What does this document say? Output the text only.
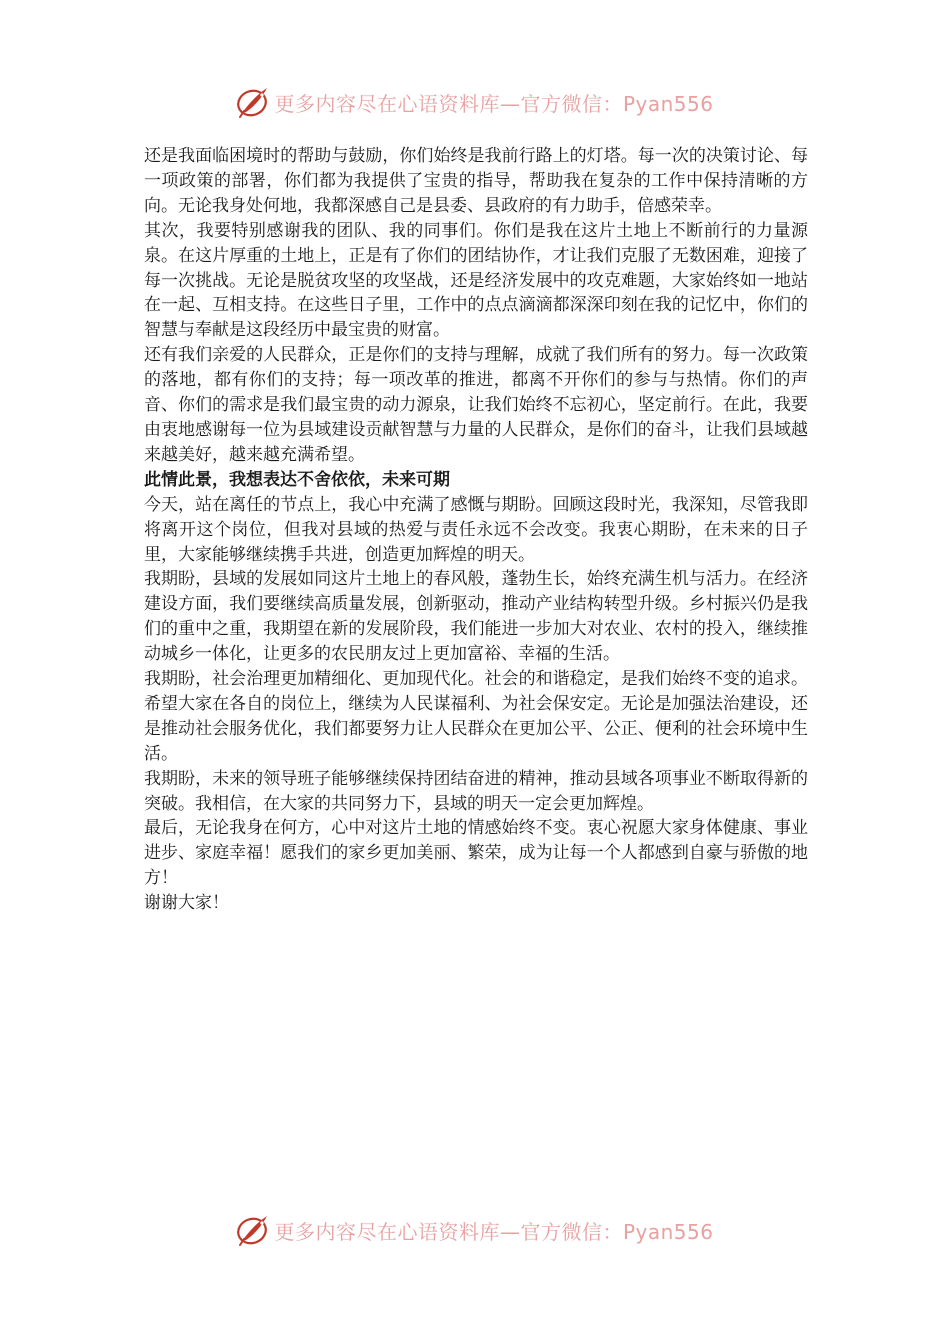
更多内容尽在心语资料库—官方微信：Pyan556

还是我面临困境时的帮助与鼓励，你们始终是我前行路上的灯塔。每一次的决策讨论、每一项政策的部署，你们都为我提供了宝贵的指导，帮助我在复杂的工作中保持清晰的方向。无论我身处何地，我都深感自己是县委、县政府的有力助手，倍感荣幸。

其次，我要特别感谢我的团队、我的同事们。你们是我在这片土地上不断前行的力量源泉。在这片厚重的土地上，正是有了你们的团结协作，才让我们克服了无数困难，迎接了每一次挑战。无论是脱贫攻坚的攻坚战，还是经济发展中的攻克难题，大家始终如一地站在一起、互相支持。在这些日子里，工作中的点点滴滴都深深印刻在我的记忆中，你们的智慧与奉献是这段经历中最宝贵的财富。

还有我们亲爱的人民群众，正是你们的支持与理解，成就了我们所有的努力。每一次政策的落地，都有你们的支持；每一项改革的推进，都离不开你们的参与与热情。你们的声音、你们的需求是我们最宝贵的动力源泉，让我们始终不忘初心，坚定前行。在此，我要由衷地感谢每一位为县域建设贡献智慧与力量的人民群众，是你们的奋斗，让我们县域越来越美好，越来越充满希望。

此情此景，我想表达不舍依依，未来可期

今天，站在离任的节点上，我心中充满了感慨与期盼。回顾这段时光，我深知，尽管我即将离开这个岗位，但我对县域的热爱与责任永远不会改变。我衷心期盼，在未来的日子里，大家能够继续携手共进，创造更加辉煌的明天。

我期盼，县域的发展如同这片土地上的春风般，蓬勃生长，始终充满生机与活力。在经济建设方面，我们要继续高质量发展，创新驱动，推动产业结构转型升级。乡村振兴仍是我们的重中之重，我期望在新的发展阶段，我们能进一步加大对农业、农村的投入，继续推动城乡一体化，让更多的农民朋友过上更加富裕、幸福的生活。

我期盼，社会治理更加精细化、更加现代化。社会的和谐稳定，是我们始终不变的追求。希望大家在各自的岗位上，继续为人民谋福利、为社会保安定。无论是加强法治建设，还是推动社会服务优化，我们都要努力让人民群众在更加公平、公正、便利的社会环境中生活。

我期盼，未来的领导班子能够继续保持团结奋进的精神，推动县域各项事业不断取得新的突破。我相信，在大家的共同努力下，县域的明天一定会更加辉煌。

最后，无论我身在何方，心中对这片土地的情感始终不变。衷心祝愿大家身体健康、事业进步、家庭幸福！愿我们的家乡更加美丽、繁荣，成为让每一个人都感到自豪与骄傲的地方！

谢谢大家！

更多内容尽在心语资料库—官方微信：Pyan556
